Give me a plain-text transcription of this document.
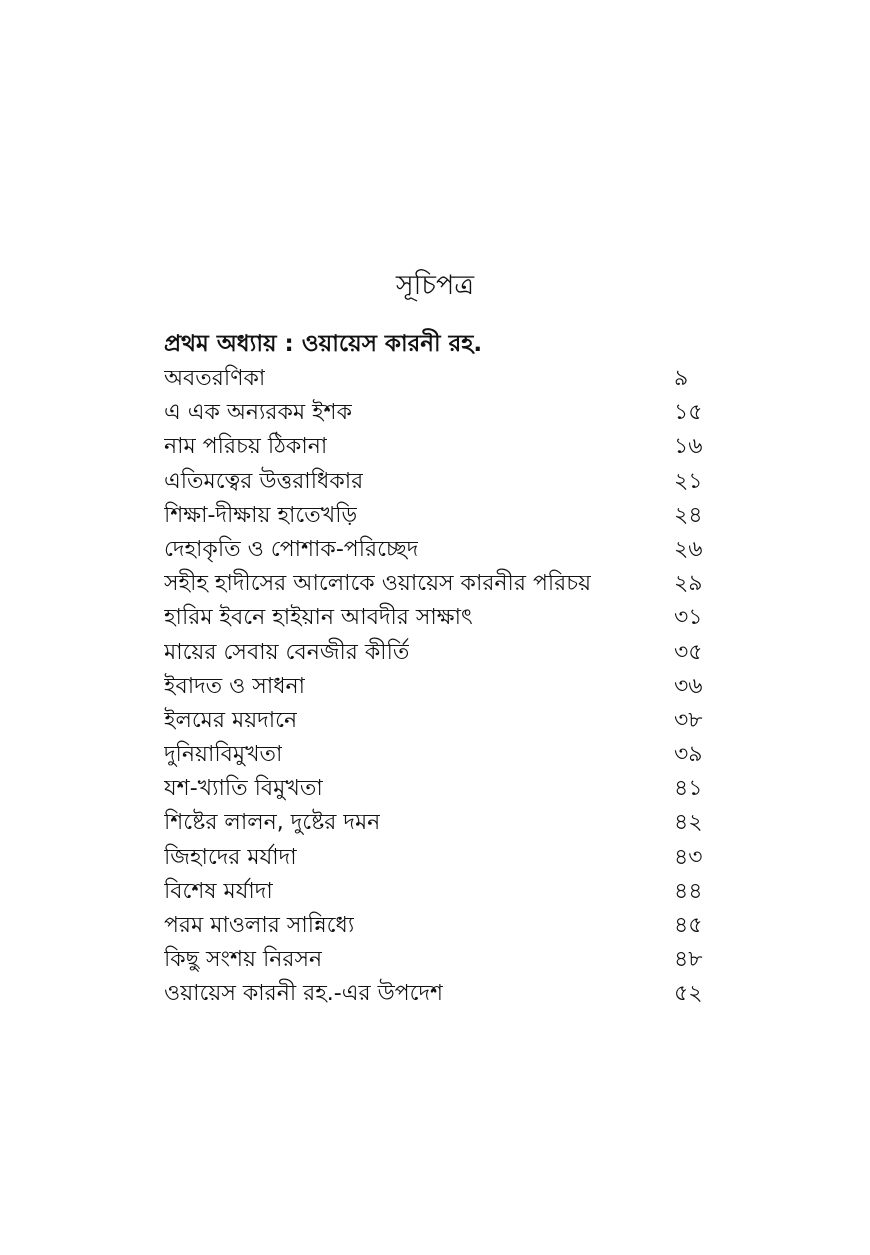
সূচিপত্র
প্রথম অধ্যায় : ওয়ায়েস কারনী রহ.
অবতরণিকা	৯
এ এক অন্যরকম ইশক	১৫
নাম পরিচয় ঠিকানা	১৬
এতিমত্বের উত্তরাধিকার	২১
শিক্ষা-দীক্ষায় হাতেখড়ি	২৪
দেহাকৃতি ও পোশাক-পরিচ্ছেদ	২৬
সহীহ হাদীসের আলোকে ওয়ায়েস কারনীর পরিচয়	২৯
হারিম ইবনে হাইয়ান আবদীর সাক্ষাৎ	৩১
মায়ের সেবায় বেনজীর কীর্তি	৩৫
ইবাদত ও সাধনা	৩৬
ইলমের ময়দানে	৩৮
দুনিয়াবিমুখতা	৩৯
যশ-খ্যাতি বিমুখতা	৪১
শিষ্টের লালন, দুষ্টের দমন	৪২
জিহাদের মর্যাদা	৪৩
বিশেষ মর্যাদা	৪৪
পরম মাওলার সান্নিধ্যে	৪৫
কিছু সংশয় নিরসন	৪৮
ওয়ায়েস কারনী রহ.-এর উপদেশ	৫২
